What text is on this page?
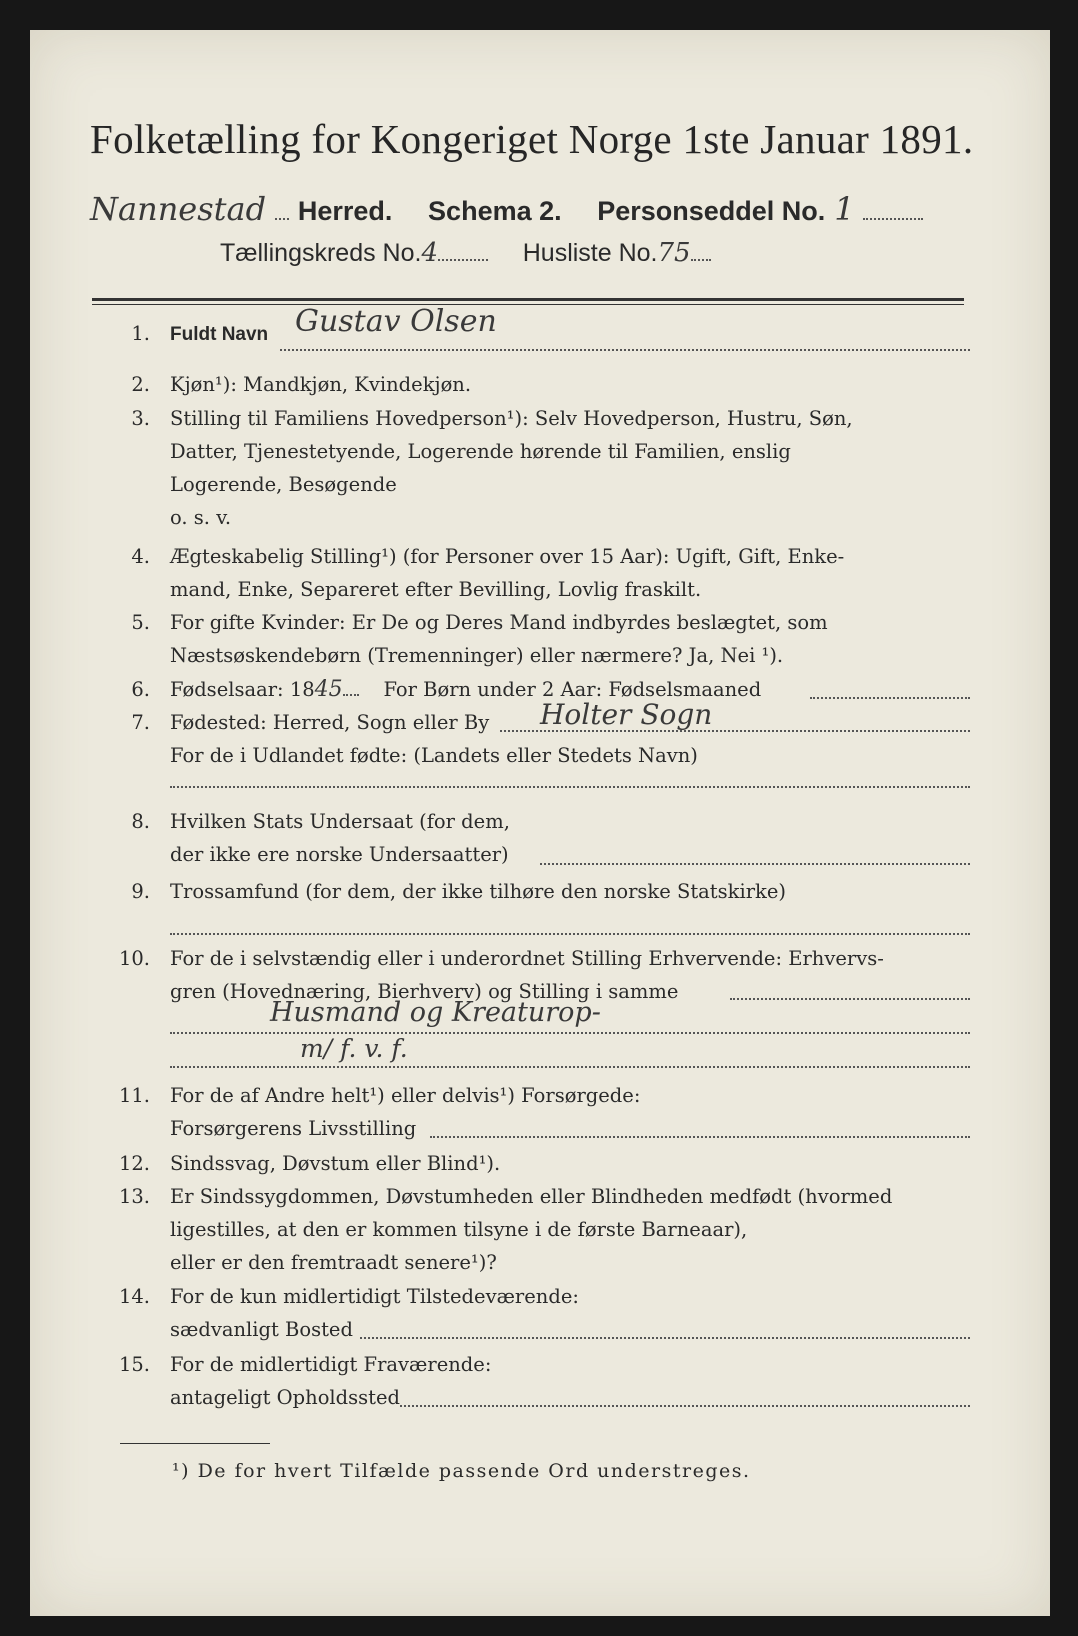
Folketælling for Kongeriget Norge 1ste Januar 1891.
Nannestad Herred. Schema 2. Personseddel No. 1
Tællingskreds No.4	Husliste No.75
1. Fuldt Navn Gustav Olsen
2. Kjøn¹): Mandkjøn, Kvindekjøn.
3. Stilling til Familiens Hovedperson¹): Selv Hovedperson, Hustru, Søn,
Datter, Tjenestetyende, Logerende hørende til Familien, enslig
Logerende, Besøgende
o. s. v.
4. Ægteskabelig Stilling¹) (for Personer over 15 Aar): Ugift, Gift, Enke-
mand, Enke, Separeret efter Bevilling, Lovlig fraskilt.
5. For gifte Kvinder: Er De og Deres Mand indbyrdes beslægtet, som
Næstsøskendebørn (Tremenninger) eller nærmere? Ja, Nei ¹).
6. Fødselsaar: 1845 For Børn under 2 Aar: Fødselsmaaned
7. Fødested: Herred, Sogn eller By
For de i Udlandet fødte: (Landets eller Stedets Navn)
Holter Sogn
8. Hvilken Stats Undersaat (for dem,
der ikke ere norske Undersaatter)
9. Trossamfund (for dem, der ikke tilhøre den norske Statskirke)
10. For de i selvstændig eller i underordnet Stilling Erhvervende: Erhvervs-
gren (Hovednæring, Bierhverv) og Stilling i samme
Husmand og Kreaturop-
m/ f. v. f.
11. For de af Andre helt¹) eller delvis¹) Forsørgede:
Forsørgerens Livsstilling
12. Sindssvag, Døvstum eller Blind¹).
13. Er Sindssygdommen, Døvstumheden eller Blindheden medfødt (hvormed
ligestilles, at den er kommen tilsyne i de første Barneaar),
eller er den fremtraadt senere¹)?
14. For de kun midlertidigt Tilstedeværende:
sædvanligt Bosted
15. For de midlertidigt Fraværende:
antageligt Opholdssted
¹) De for hvert Tilfælde passende Ord understreges.
